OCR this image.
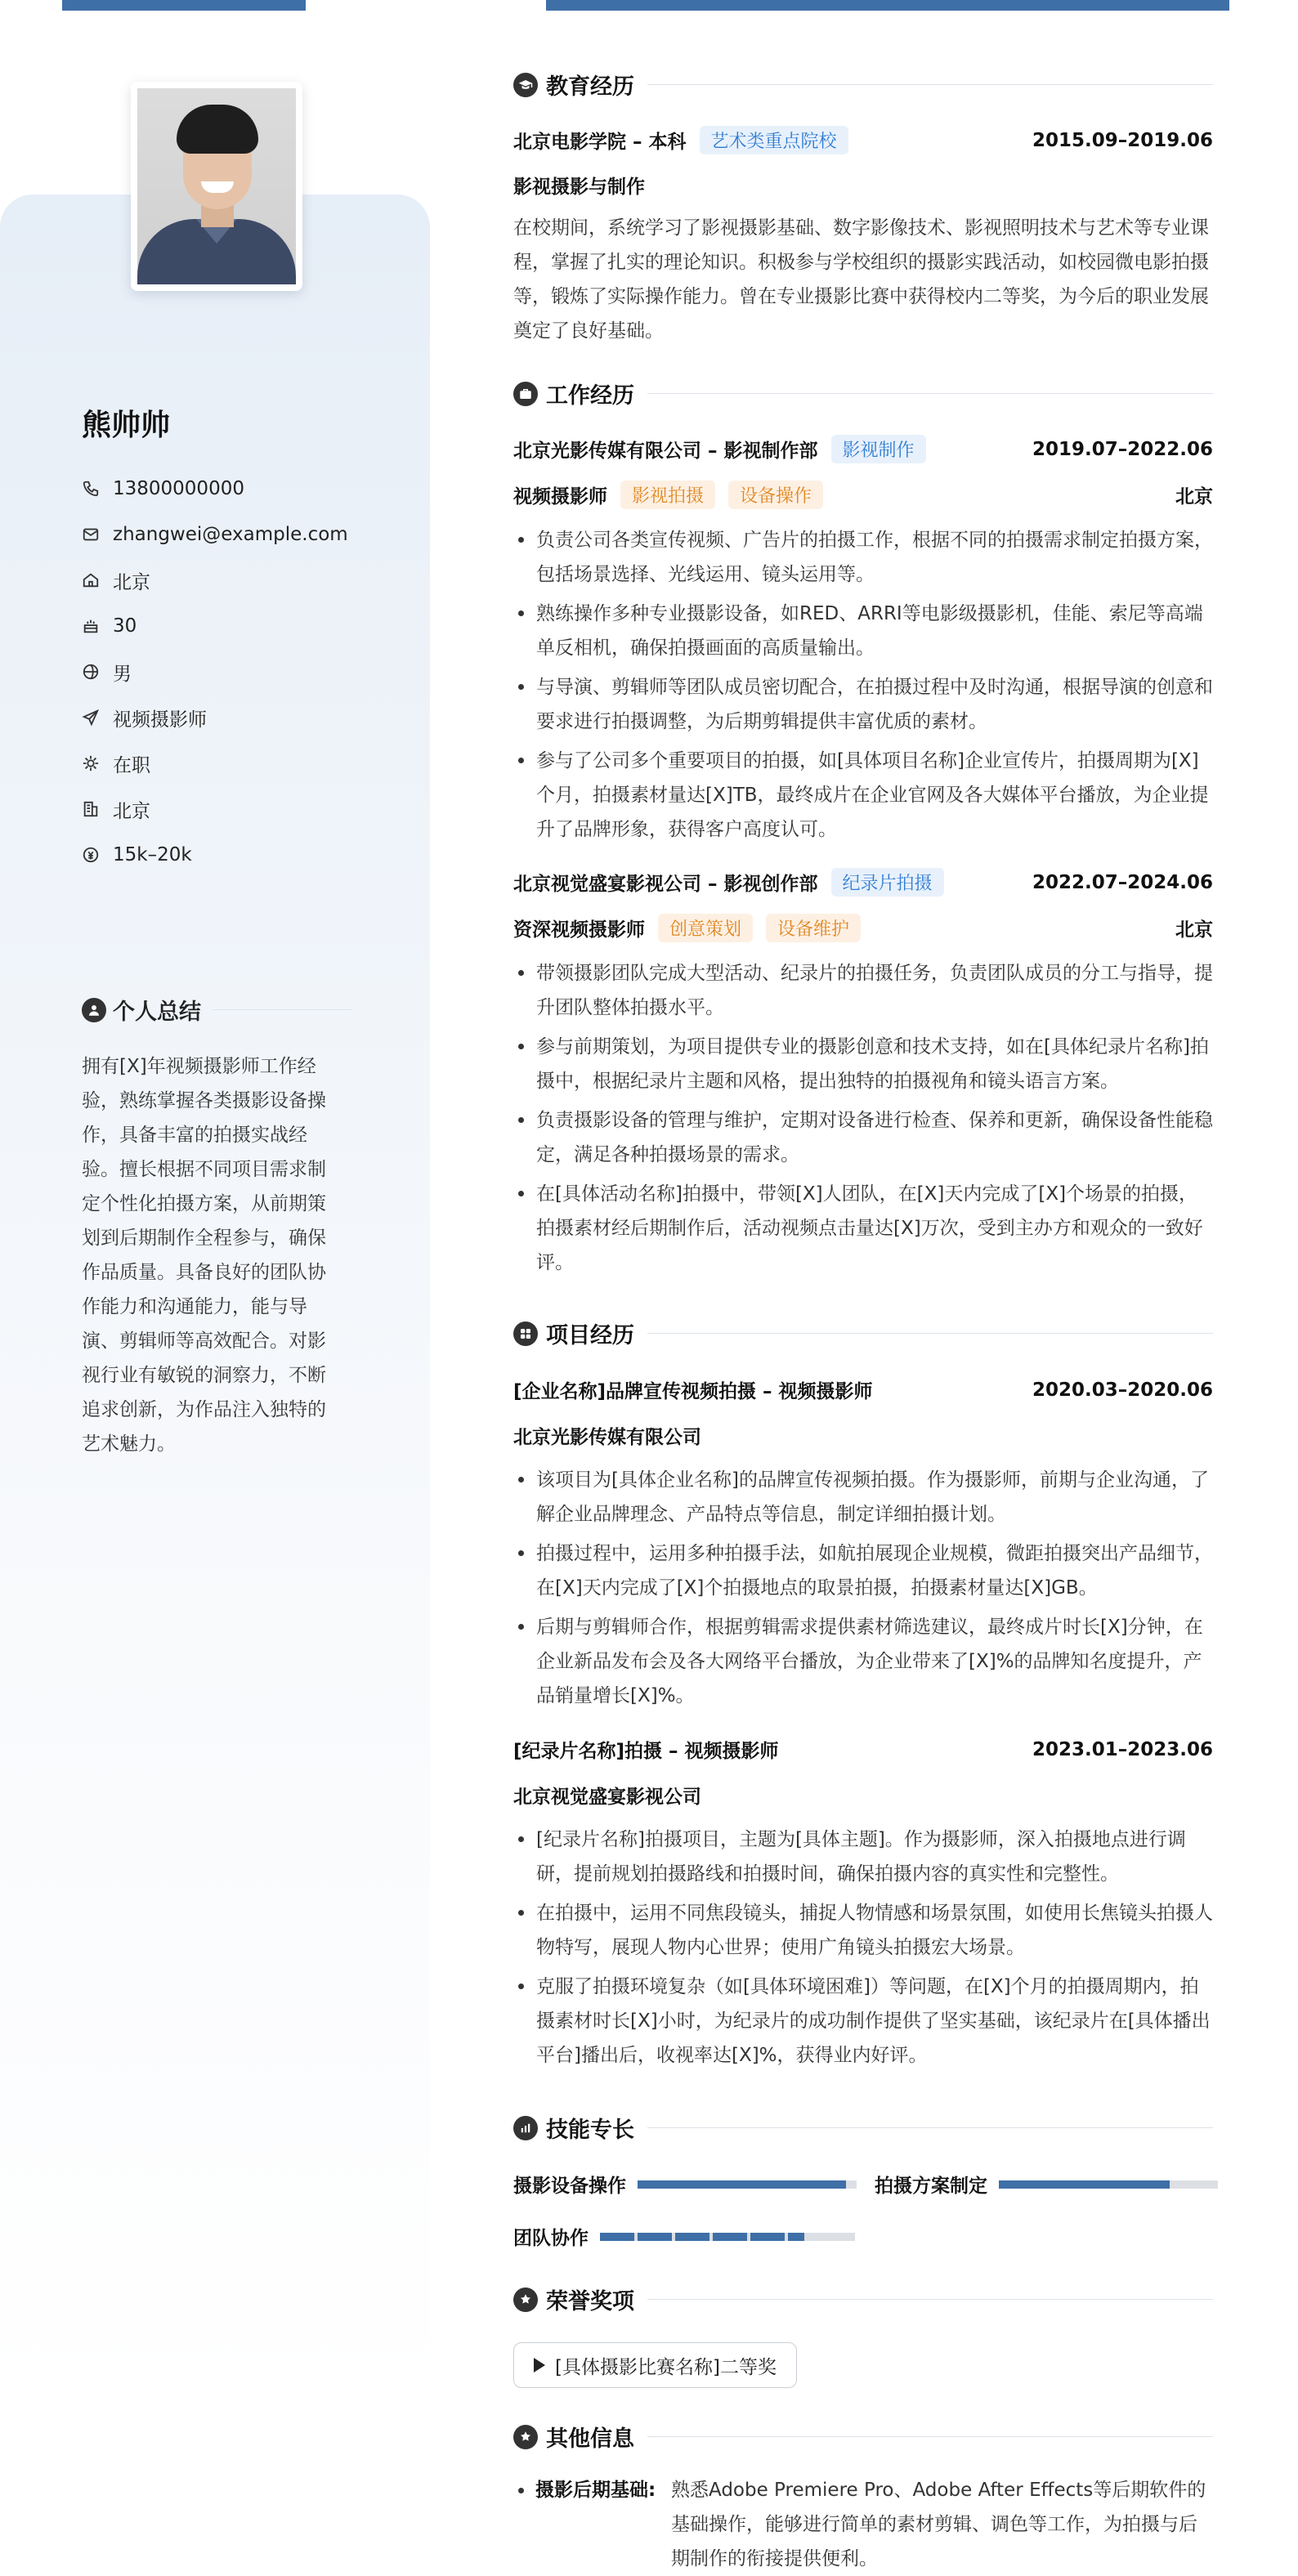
熊帅帅
13800000000
zhangwei@example.com
北京
30
男
视频摄影师
在职
北京
15k–20k
个人总结
拥有[X]年视频摄影师工作经验，熟练掌握各类摄影设备操作，具备丰富的拍摄实战经验。擅长根据不同项目需求制定个性化拍摄方案，从前期策划到后期制作全程参与，确保作品质量。具备良好的团队协作能力和沟通能力，能与导演、剪辑师等高效配合。对影视行业有敏锐的洞察力，不断追求创新，为作品注入独特的艺术魅力。
教育经历
北京电影学院 – 本科	艺术类重点院校	2015.09–2019.06
影视摄影与制作
在校期间，系统学习了影视摄影基础、数字影像技术、影视照明技术与艺术等专业课程，掌握了扎实的理论知识。积极参与学校组织的摄影实践活动，如校园微电影拍摄等，锻炼了实际操作能力。曾在专业摄影比赛中获得校内二等奖，为今后的职业发展奠定了良好基础。
工作经历
北京光影传媒有限公司 – 影视制作部	影视制作	2019.07–2022.06
视频摄影师	影视拍摄	设备操作	北京
负责公司各类宣传视频、广告片的拍摄工作，根据不同的拍摄需求制定拍摄方案，包括场景选择、光线运用、镜头运用等。
熟练操作多种专业摄影设备，如RED、ARRI等电影级摄影机，佳能、索尼等高端单反相机，确保拍摄画面的高质量输出。
与导演、剪辑师等团队成员密切配合，在拍摄过程中及时沟通，根据导演的创意和要求进行拍摄调整，为后期剪辑提供丰富优质的素材。
参与了公司多个重要项目的拍摄，如[具体项目名称]企业宣传片，拍摄周期为[X]个月，拍摄素材量达[X]TB，最终成片在企业官网及各大媒体平台播放，为企业提升了品牌形象，获得客户高度认可。
北京视觉盛宴影视公司 – 影视创作部	纪录片拍摄	2022.07–2024.06
资深视频摄影师	创意策划	设备维护	北京
带领摄影团队完成大型活动、纪录片的拍摄任务，负责团队成员的分工与指导，提升团队整体拍摄水平。
参与前期策划，为项目提供专业的摄影创意和技术支持，如在[具体纪录片名称]拍摄中，根据纪录片主题和风格，提出独特的拍摄视角和镜头语言方案。
负责摄影设备的管理与维护，定期对设备进行检查、保养和更新，确保设备性能稳定，满足各种拍摄场景的需求。
在[具体活动名称]拍摄中，带领[X]人团队，在[X]天内完成了[X]个场景的拍摄，拍摄素材经后期制作后，活动视频点击量达[X]万次，受到主办方和观众的一致好评。
项目经历
[企业名称]品牌宣传视频拍摄 – 视频摄影师	2020.03–2020.06
北京光影传媒有限公司
该项目为[具体企业名称]的品牌宣传视频拍摄。作为摄影师，前期与企业沟通，了解企业品牌理念、产品特点等信息，制定详细拍摄计划。
拍摄过程中，运用多种拍摄手法，如航拍展现企业规模，微距拍摄突出产品细节，在[X]天内完成了[X]个拍摄地点的取景拍摄，拍摄素材量达[X]GB。
后期与剪辑师合作，根据剪辑需求提供素材筛选建议，最终成片时长[X]分钟，在企业新品发布会及各大网络平台播放，为企业带来了[X]%的品牌知名度提升，产品销量增长[X]%。
[纪录片名称]拍摄 – 视频摄影师	2023.01–2023.06
北京视觉盛宴影视公司
[纪录片名称]拍摄项目，主题为[具体主题]。作为摄影师，深入拍摄地点进行调研，提前规划拍摄路线和拍摄时间，确保拍摄内容的真实性和完整性。
在拍摄中，运用不同焦段镜头，捕捉人物情感和场景氛围，如使用长焦镜头拍摄人物特写，展现人物内心世界；使用广角镜头拍摄宏大场景。
克服了拍摄环境复杂（如[具体环境困难]）等问题，在[X]个月的拍摄周期内，拍摄素材时长[X]小时，为纪录片的成功制作提供了坚实基础，该纪录片在[具体播出平台]播出后，收视率达[X]%，获得业内好评。
技能专长
摄影设备操作	拍摄方案制定
团队协作
荣誉奖项
[具体摄影比赛名称]二等奖
其他信息
摄影后期基础: 熟悉Adobe Premiere Pro、Adobe After Effects等后期软件的基础操作，能够进行简单的素材剪辑、调色等工作，为拍摄与后期制作的衔接提供便利。
